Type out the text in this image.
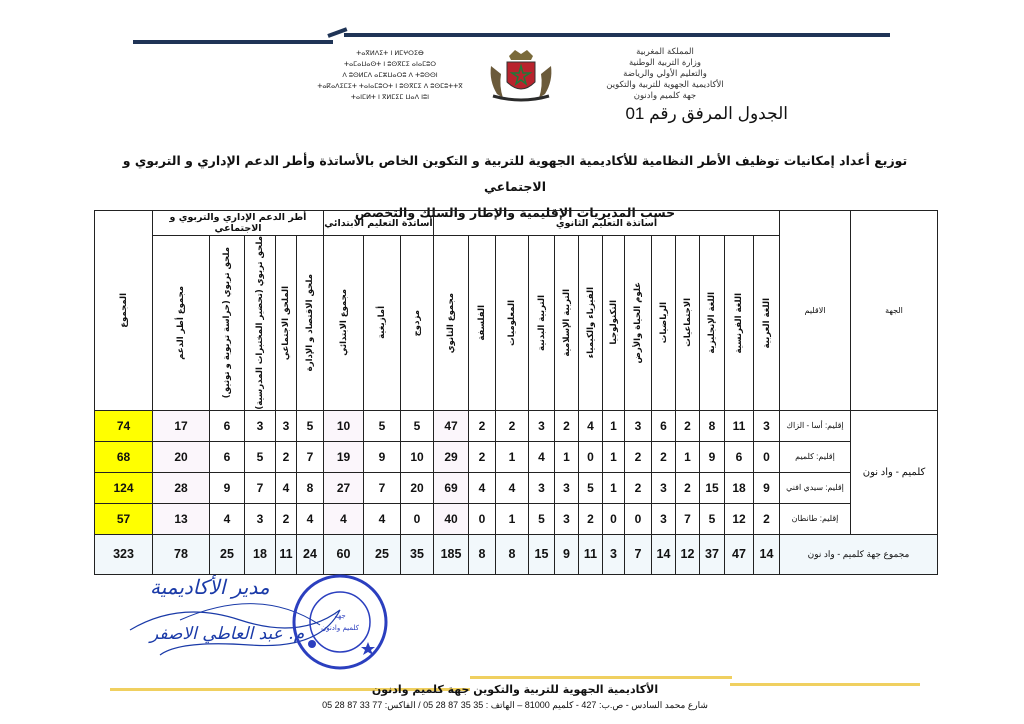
ⵜⴰⴳⵍⴷⵉⵜ ⵏ ⵍⵎⵖⵔⵉⴱ
ⵜⴰⵎⴰⵡⴰⵙⵜ ⵏ ⵓⵙⴳⵎⵉ ⴰⵏⴰⵎⵓⵔ
ⴷ ⵓⵙⵍⵎⴷ ⴰⵎⵣⵡⴰⵔⵓ ⴷ ⵜⵓⵙⵙⵏ
ⵜⴰⴽⴰⴷⵉⵎⵉⵜ ⵜⴰⵏⴰⵎⵓⵔⵜ ⵏ ⵓⵙⴳⵎⵉ ⴷ ⵓⵙⵎⵓⵜⵜⴳ
ⵜⴰⵏⵎⵍⵜ ⵏ ⴳⵍⵎⵉⵎ ⵡⴰⴷ ⵏⵓⵏ
المملكة المغربية
وزارة التربية الوطنية
والتعليم الأولي والرياضة
الأكاديمية الجهوية للتربية والتكوين
جهة كلميم وادنون
الجدول المرفق رقم 01
توزيع أعداد إمكانيات توظيف الأطر النظامية للأكاديمية الجهوية للتربية و التكوين الخاص بالأساتذة وأطر الدعم الإداري و التربوي و الاجتماعي
حسب المديريات الإقليمية والإطار والسلك والتخصص
المجموع	أطر الدعم الإداري والتربوي و الاجتماعي					أساتذة التعليم الابتدائي			أساتذة التعليم الثانوي													الاقليم	الجهة

	مجموع أطر الدعم	ملحق تربوي (حراسة تربوية و توثيق)	ملحق تربوي (تحضير المختبرات المدرسية)	الملحق الاجتماعي	ملحق الاقتصاد و الإدارة	مجموع الابتدائي	أمازيغية	مزدوج	مجموع الثانوي	الفلسفة	المعلوميات	التربية البدنية	التربية الإسلامية	الفيزياء والكيمياء	التكنولوجيا	علوم الحياة والأرض	الرياضيات	الاجتماعيات	اللغة الإنجليزية	اللغة الفرنسية	اللغة العربية		

74	17	6	3	3	5	10	5	5	47	2	2	3	2	4	1	3	6	2	8	11	3	إقليم: أسا - الزاك	كلميم - واد نون
68	20	6	5	2	7	19	9	10	29	2	1	4	1	0	1	2	2	1	9	6	0	إقليم: كلميم	
124	28	9	7	4	8	27	7	20	69	4	4	3	3	5	1	2	3	2	15	18	9	إقليم: سيدي افني	
57	13	4	3	2	4	4	4	0	40	0	1	5	3	2	0	0	3	7	5	12	2	إقليم: طانطان	
323	78	25	18	11	24	60	25	35	185	8	8	15	9	11	3	7	14	12	37	47	14	مجموع جهة كلميم - واد نون	
مدير الأكاديمية
م. عبد العاطي الاصفر
جهة
كلميم وادنون
الأكاديمية الجهوية للتربية والتكوين جهة كلميم وادنون
شارع محمد السادس - ص.ب: 427 - كلميم 81000 – الهاتف : 35 35 87 28 05 / الفاكس: 77 33 87 28 05
